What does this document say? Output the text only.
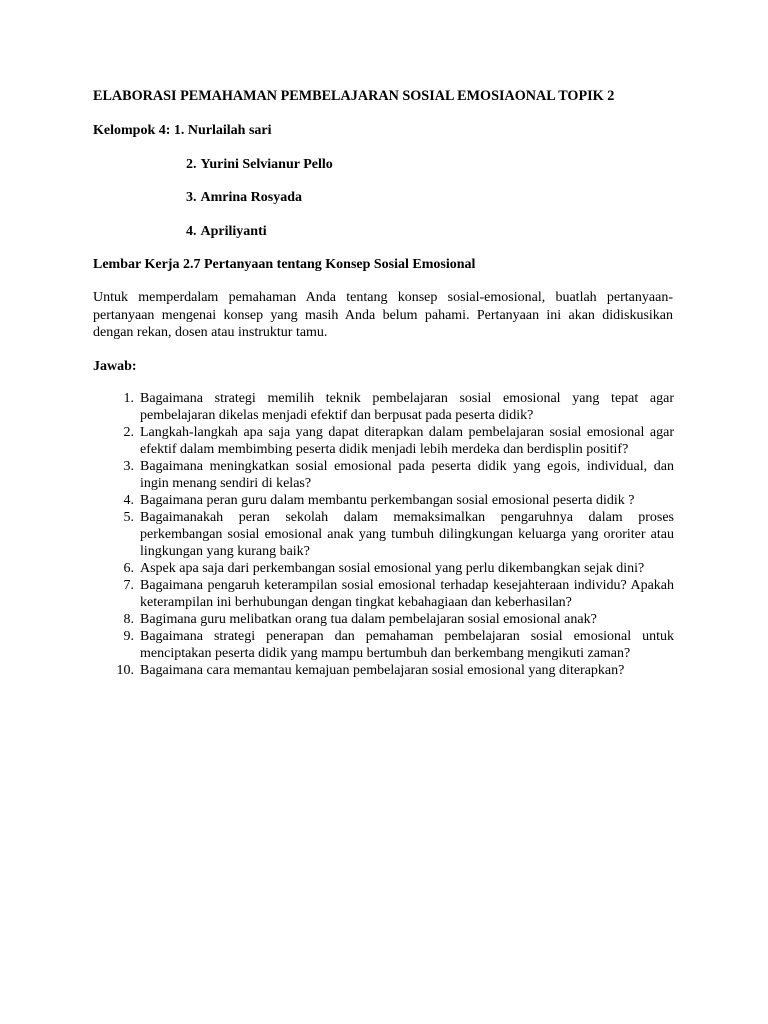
ELABORASI PEMAHAMAN PEMBELAJARAN SOSIAL EMOSIAONAL TOPIK 2
Kelompok 4: 1. Nurlailah sari
2. Yurini Selvianur Pello
3. Amrina Rosyada
4. Apriliyanti
Lembar Kerja 2.7 Pertanyaan tentang Konsep Sosial Emosional
Untuk memperdalam pemahaman Anda tentang konsep sosial-emosional, buatlah pertanyaan-pertanyaan mengenai konsep yang masih Anda belum pahami. Pertanyaan ini akan didiskusikan dengan rekan, dosen atau instruktur tamu.
Jawab:
1. Bagaimana strategi memilih teknik pembelajaran sosial emosional yang tepat agar pembelajaran dikelas menjadi efektif dan berpusat pada peserta didik?
2. Langkah-langkah apa saja yang dapat diterapkan dalam pembelajaran sosial emosional agar efektif dalam membimbing peserta didik menjadi lebih merdeka dan berdisplin positif?
3. Bagaimana meningkatkan sosial emosional pada peserta didik yang egois, individual, dan ingin menang sendiri di kelas?
4. Bagaimana peran guru dalam membantu perkembangan sosial emosional peserta didik ?
5. Bagaimanakah peran sekolah dalam memaksimalkan pengaruhnya dalam proses perkembangan sosial emosional anak yang tumbuh dilingkungan keluarga yang ororiter atau lingkungan yang kurang baik?
6. Aspek apa saja dari perkembangan sosial emosional yang perlu dikembangkan sejak dini?
7. Bagaimana pengaruh keterampilan sosial emosional terhadap kesejahteraan individu? Apakah keterampilan ini berhubungan dengan tingkat kebahagiaan dan keberhasilan?
8. Bagimana guru melibatkan orang tua dalam pembelajaran sosial emosional anak?
9. Bagaimana strategi penerapan dan pemahaman pembelajaran sosial emosional untuk menciptakan peserta didik yang mampu bertumbuh dan berkembang mengikuti zaman?
10. Bagaimana cara memantau kemajuan pembelajaran sosial emosional yang diterapkan?
